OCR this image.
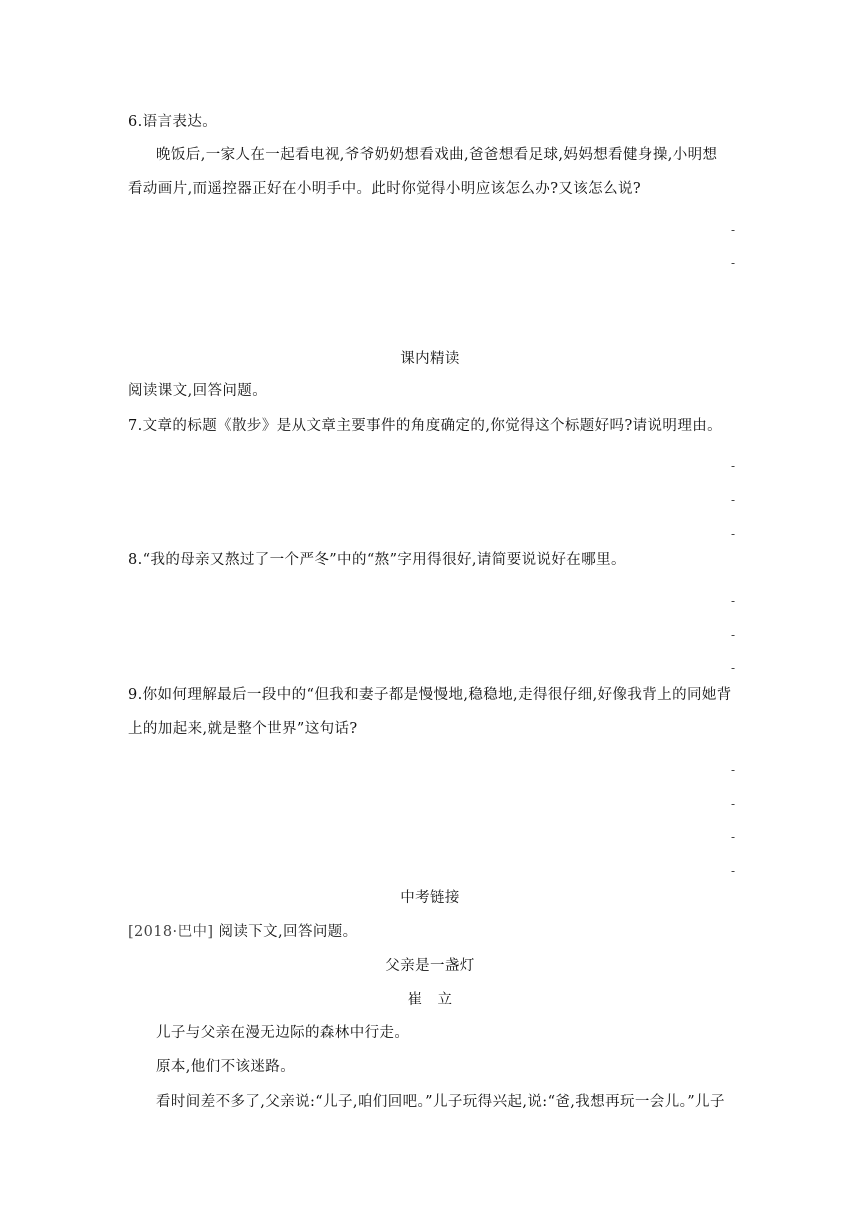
6.语言表达。
晚饭后,一家人在一起看电视,爷爷奶奶想看戏曲,爸爸想看足球,妈妈想看健身操,小明想
看动画片,而遥控器正好在小明手中。此时你觉得小明应该怎么办?又该怎么说?
-
-
课内精读
阅读课文,回答问题。
7.文章的标题《散步》是从文章主要事件的角度确定的,你觉得这个标题好吗?请说明理由。
-
-
-
8.“我的母亲又熬过了一个严冬”中的“熬”字用得很好,请简要说说好在哪里。
-
-
-
9.你如何理解最后一段中的“但我和妻子都是慢慢地,稳稳地,走得很仔细,好像我背上的同她背
上的加起来,就是整个世界”这句话?
-
-
-
-
中考链接
[2018·巴中] 阅读下文,回答问题。
父亲是一盏灯
崔　立
儿子与父亲在漫无边际的森林中行走。
原本,他们不该迷路。
看时间差不多了,父亲说:“儿子,咱们回吧。”儿子玩得兴起,说:“爸,我想再玩一会儿。”儿子
